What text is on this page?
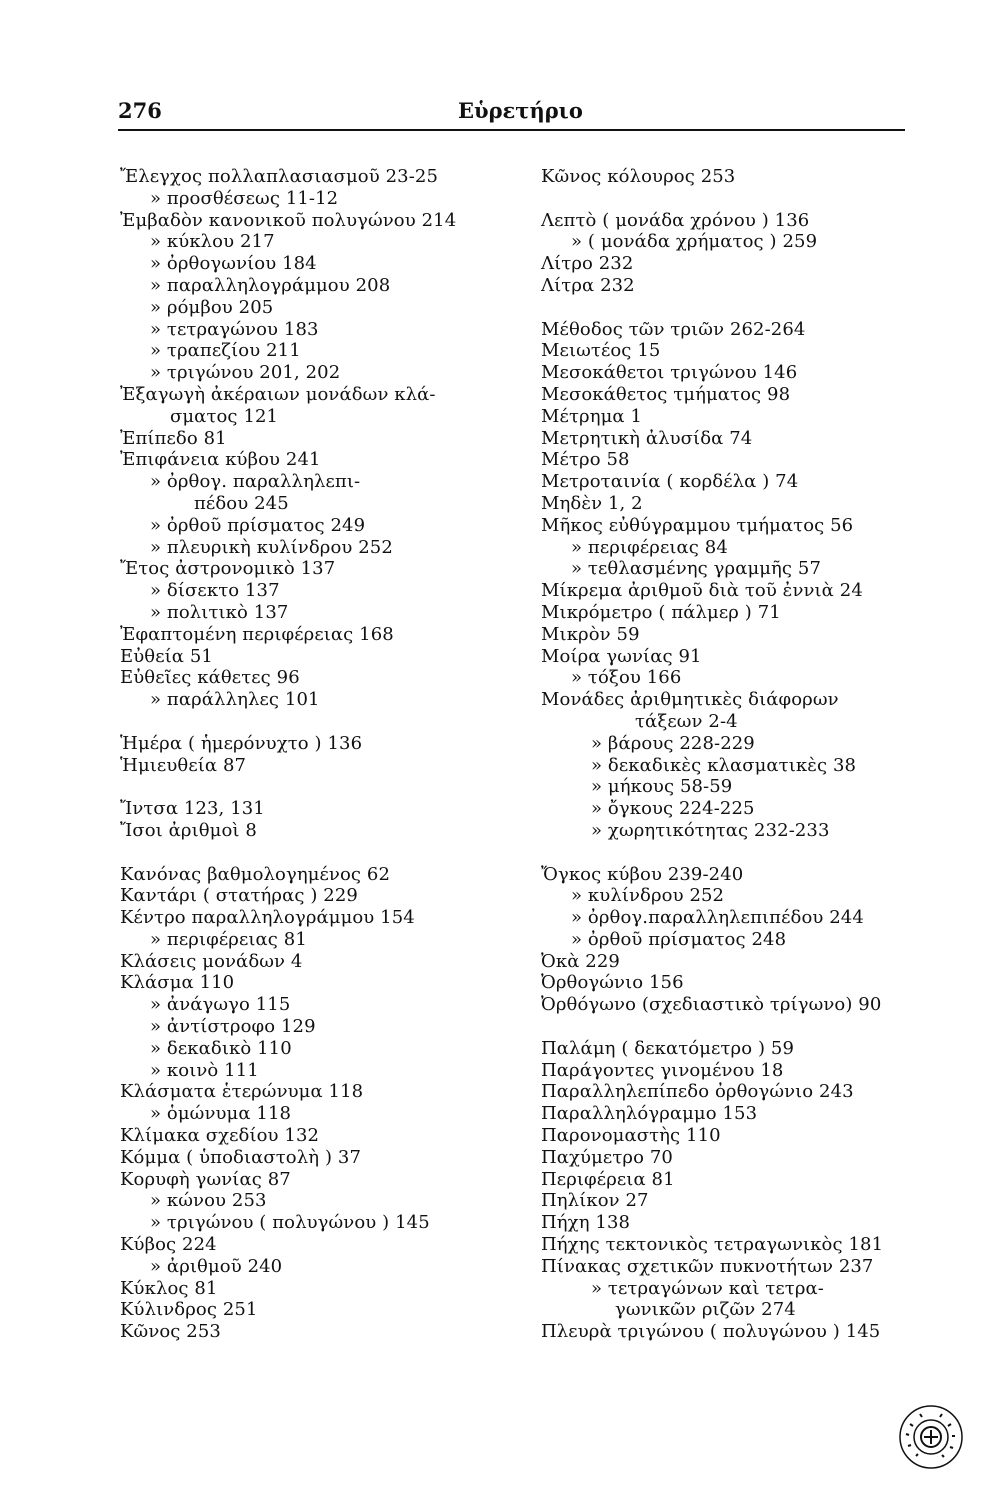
276	Εὑρετήριο
Ἔλεγχος πολλαπλασιασμοῦ 23-25
» προσθέσεως 11-12
Ἐμβαδὸν κανονικοῦ πολυγώνου 214
» κύκλου 217
» ὀρθογωνίου 184
» παραλληλογράμμου 208
» ρόμβου 205
» τετραγώνου 183
» τραπεζίου 211
» τριγώνου 201, 202
Ἐξαγωγὴ ἀκέραιων μονάδων κλά-
σματος 121
Ἐπίπεδο 81
Ἐπιφάνεια κύβου 241
» ὀρθογ. παραλληλεπι-
πέδου 245
» ὀρθοῦ πρίσματος 249
» πλευρικὴ κυλίνδρου 252
Ἔτος ἀστρονομικὸ 137
» δίσεκτο 137
» πολιτικὸ 137
Ἐφαπτομένη περιφέρειας 168
Εὐθεία 51
Εὐθεῖες κάθετες 96
» παράλληλες 101
Ἡμέρα ( ἡμερόνυχτο ) 136
Ἡμιευθεία 87
Ἴντσα 123, 131
Ἴσοι ἀριθμοὶ 8
Κανόνας βαθμολογημένος 62
Καντάρι ( στατήρας ) 229
Κέντρο παραλληλογράμμου 154
» περιφέρειας 81
Κλάσεις μονάδων 4
Κλάσμα 110
» ἀνάγωγο 115
» ἀντίστροφο 129
» δεκαδικὸ 110
» κοινὸ 111
Κλάσματα ἑτερώνυμα 118
» ὁμώνυμα 118
Κλίμακα σχεδίου 132
Κόμμα ( ὑποδιαστολὴ ) 37
Κορυφὴ γωνίας 87
» κώνου 253
» τριγώνου ( πολυγώνου ) 145
Κύβος 224
» ἀριθμοῦ 240
Κύκλος 81
Κύλινδρος 251
Κῶνος 253
Κῶνος κόλουρος 253
Λεπτὸ ( μονάδα χρόνου ) 136
» ( μονάδα χρήματος ) 259
Λίτρο 232
Λίτρα 232
Μέθοδος τῶν τριῶν 262-264
Μειωτέος 15
Μεσοκάθετοι τριγώνου 146
Μεσοκάθετος τμήματος 98
Μέτρημα 1
Μετρητικὴ ἀλυσίδα 74
Μέτρο 58
Μετροταινία ( κορδέλα ) 74
Μηδὲν 1, 2
Μῆκος εὐθύγραμμου τμήματος 56
» περιφέρειας 84
» τεθλασμένης γραμμῆς 57
Μίκρεμα ἀριθμοῦ διὰ τοῦ ἐννιὰ 24
Μικρόμετρο ( πάλμερ ) 71
Μικρὸν 59
Μοίρα γωνίας 91
» τόξου 166
Μονάδες ἀριθμητικὲς διάφορων
τάξεων 2-4
» βάρους 228-229
» δεκαδικὲς κλασματικὲς 38
» μήκους 58-59
» ὄγκους 224-225
» χωρητικότητας 232-233
Ὄγκος κύβου 239-240
» κυλίνδρου 252
» ὀρθογ.παραλληλεπιπέδου 244
» ὀρθοῦ πρίσματος 248
Ὀκὰ 229
Ὀρθογώνιο 156
Ὀρθόγωνο (σχεδιαστικὸ τρίγωνο) 90
Παλάμη ( δεκατόμετρο ) 59
Παράγοντες γινομένου 18
Παραλληλεπίπεδο ὀρθογώνιο 243
Παραλληλόγραμμο 153
Παρονομαστὴς 110
Παχύμετρο 70
Περιφέρεια 81
Πηλίκον 27
Πήχη 138
Πήχης τεκτονικὸς τετραγωνικὸς 181
Πίνακας σχετικῶν πυκνοτήτων 237
» τετραγώνων καὶ τετρα-
γωνικῶν ριζῶν 274
Πλευρὰ τριγώνου ( πολυγώνου ) 145
